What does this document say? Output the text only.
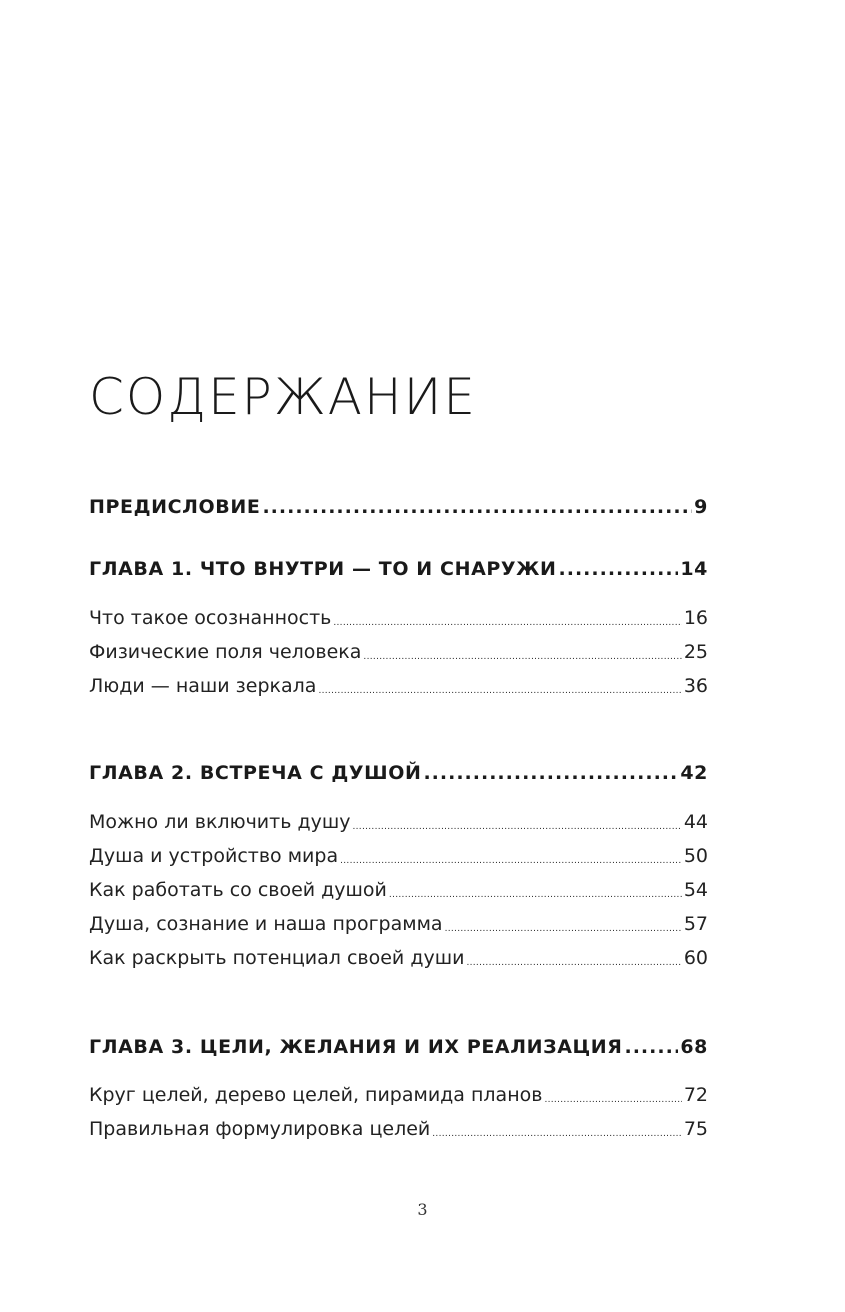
СОДЕРЖАНИЕ
ПРЕДИСЛОВИЕ .....	9
ГЛАВА 1. ЧТО ВНУТРИ — ТО И СНАРУЖИ .....	14
Что такое осознанность .....	16
Физические поля человека .....	25
Люди — наши зеркала .....	36
ГЛАВА 2. ВСТРЕЧА С ДУШОЙ .....	42
Можно ли включить душу .....	44
Душа и устройство мира .....	50
Как работать со своей душой .....	54
Душа, сознание и наша программа .....	57
Как раскрыть потенциал своей души .....	60
ГЛАВА 3. ЦЕЛИ, ЖЕЛАНИЯ И ИХ РЕАЛИЗАЦИЯ .....	68
Круг целей, дерево целей, пирамида планов .....	72
Правильная формулировка целей .....	75
3
